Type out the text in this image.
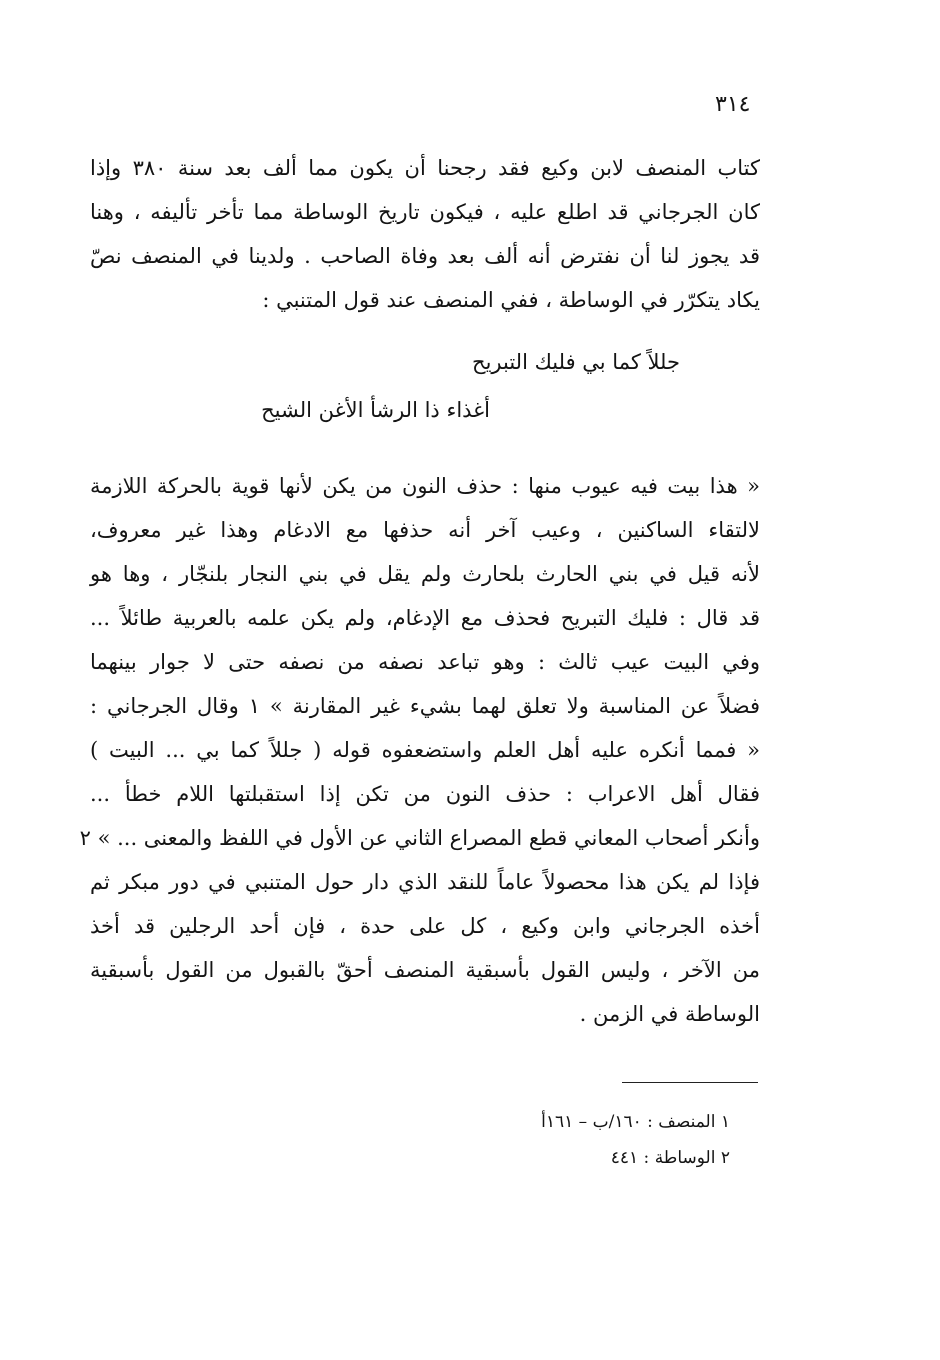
٣١٤
كتاب المنصف لابن وكيع فقد رجحنا أن يكون مما ألف بعد سنة ٣٨٠ وإذا
كان الجرجاني قد اطلع عليه ، فيكون تاريخ الوساطة مما تأخر تأليفه ، وهنا
قد يجوز لنا أن نفترض أنه ألف بعد وفاة الصاحب . ولدينا في المنصف نصّ
يكاد يتكرّر في الوساطة ، ففي المنصف عند قول المتنبي :
جللاً كما بي فليك التبريح
أغذاء ذا الرشأ الأغن الشيح
« هذا بيت فيه عيوب منها : حذف النون من يكن لأنها قوية بالحركة اللازمة
لالتقاء الساكنين ، وعيب آخر أنه حذفها مع الادغام وهذا غير معروف،
لأنه قيل في بني الحارث بلحارث ولم يقل في بني النجار بلنجّار ، وها هو
قد قال : فليك التبريح فحذف مع الإدغام، ولم يكن علمه بالعربية طائلاً ...
وفي البيت عيب ثالث : وهو تباعد نصفه من نصفه حتى لا جوار بينهما
فضلاً عن المناسبة ولا تعلق لهما بشيء غير المقارنة » ١ وقال الجرجاني :
« فمما أنكره عليه أهل العلم واستضعفوه قوله ( جللاً كما بي ... البيت )
فقال أهل الاعراب : حذف النون من تكن إذا استقبلتها اللام خطأ ...
وأنكر أصحاب المعاني قطع المصراع الثاني عن الأول في اللفظ والمعنى ... » ٢
فإذا لم يكن هذا محصولاً عاماً للنقد الذي دار حول المتنبي في دور مبكر ثم
أخذه الجرجاني وابن وكيع ، كل على حدة ، فإن أحد الرجلين قد أخذ
من الآخر ، وليس القول بأسبقية المنصف أحقّ بالقبول من القول بأسبقية
الوساطة في الزمن .
١ المنصف : ١٦٠/ب – ١٦١أ
٢ الوساطة : ٤٤١
